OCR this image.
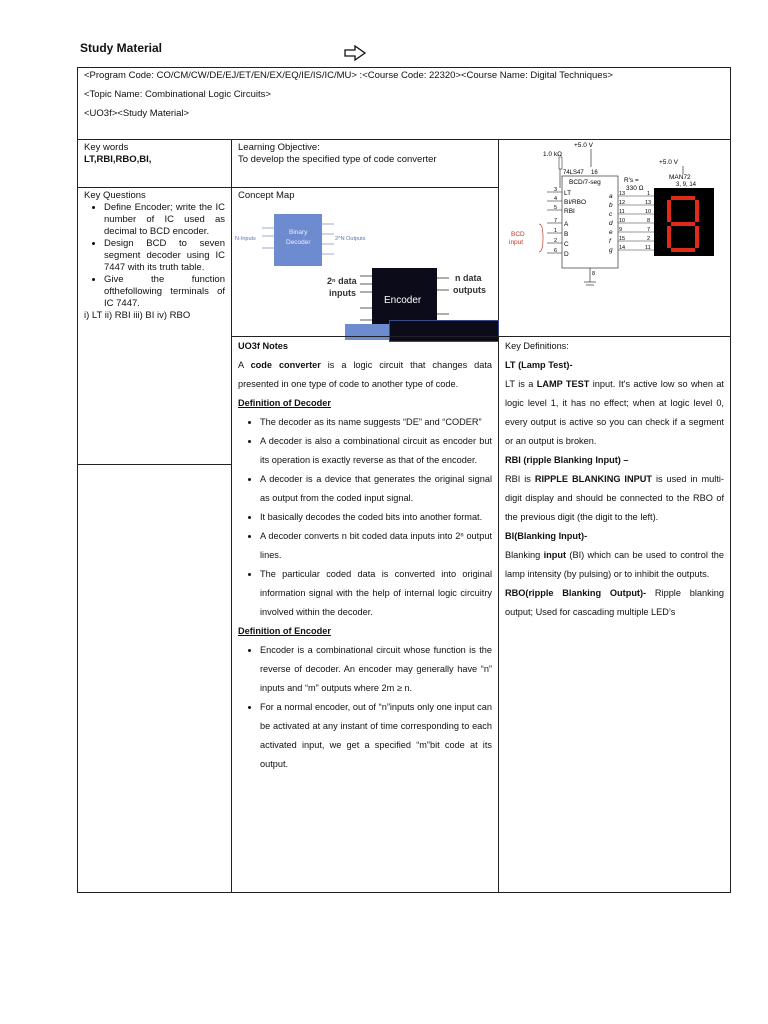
Study Material

<Program Code: CO/CM/CW/DE/EJ/ET/EN/EX/EQ/IE/IS/IC/MU> :<Course Code: 22320><Course Name: Digital Techniques>

<Topic Name: Combinational Logic Circuits>

<UO3f><Study Material>

Key words
LT,RBI,RBO,BI,
Learning Objective:
To develop the specified type of code converter
+5.0 V
1.0 kΩ
74LS47 16
BCD/7-seg
LT
BI/RBO
RBI
A
B
C
D
3
4
5
7
1
2
6
BCD
input
a
b
c
d
e
f
g
R's =
330 Ω
13
12
11
10
9
15
14
1
13
10
8
7
2
11
+5.0 V
MAN72
3, 9, 14
8
Key Questions
• Define Encoder; write the IC number of IC used as decimal to BCD encoder.
• Design BCD to seven segment decoder using IC 7447 with its truth table.
• Give the function ofthefollowing terminals of IC 7447.
i) LT ii) RBI iii) BI iv) RBO
Concept Map
Binary
Decoder
N-Inputs	2^N Outputs
Encoder
2ⁿ data
inputs
n data
outputs
UO3f Notes
A code converter is a logic circuit that changes data presented in one type of code to another type of code.
Definition of Decoder
• The decoder as its name suggests “DE” and “CODER”
• A decoder is also a combinational circuit as encoder but its operation is exactly reverse as that of the encoder.
• A decoder is a device that generates the original signal as output from the coded input signal.
• It basically decodes the coded bits into another format.
• A decoder converts n bit coded data inputs into 2ⁿ output lines.
• The particular coded data is converted into original information signal with the help of internal logic circuitry involved within the decoder.
Definition of Encoder
• Encoder is a combinational circuit whose function is the reverse of decoder. An encoder may generally have “n” inputs and “m” outputs where 2m ≥ n.
• For a normal encoder, out of “n”inputs only one input can be activated at any instant of time corresponding to each activated input, we get a specified “m”bit code at its output.

Key Definitions:

LT (Lamp Test)-

LT is a LAMP TEST input. It's active low so when at logic level 1, it has no effect; when at logic level 0, every output is active so you can check if a segment or an output is broken.

RBI (ripple Blanking Input) –

RBI is RIPPLE BLANKING INPUT is used in multi-digit display and should be connected to the RBO of the previous digit (the digit to the left).

BI(Blanking Input)-

Blanking input (BI) which can be used to control the lamp intensity (by pulsing) or to inhibit the outputs.

RBO(ripple Blanking Output)- Ripple blanking output; Used for cascading multiple LED’s
